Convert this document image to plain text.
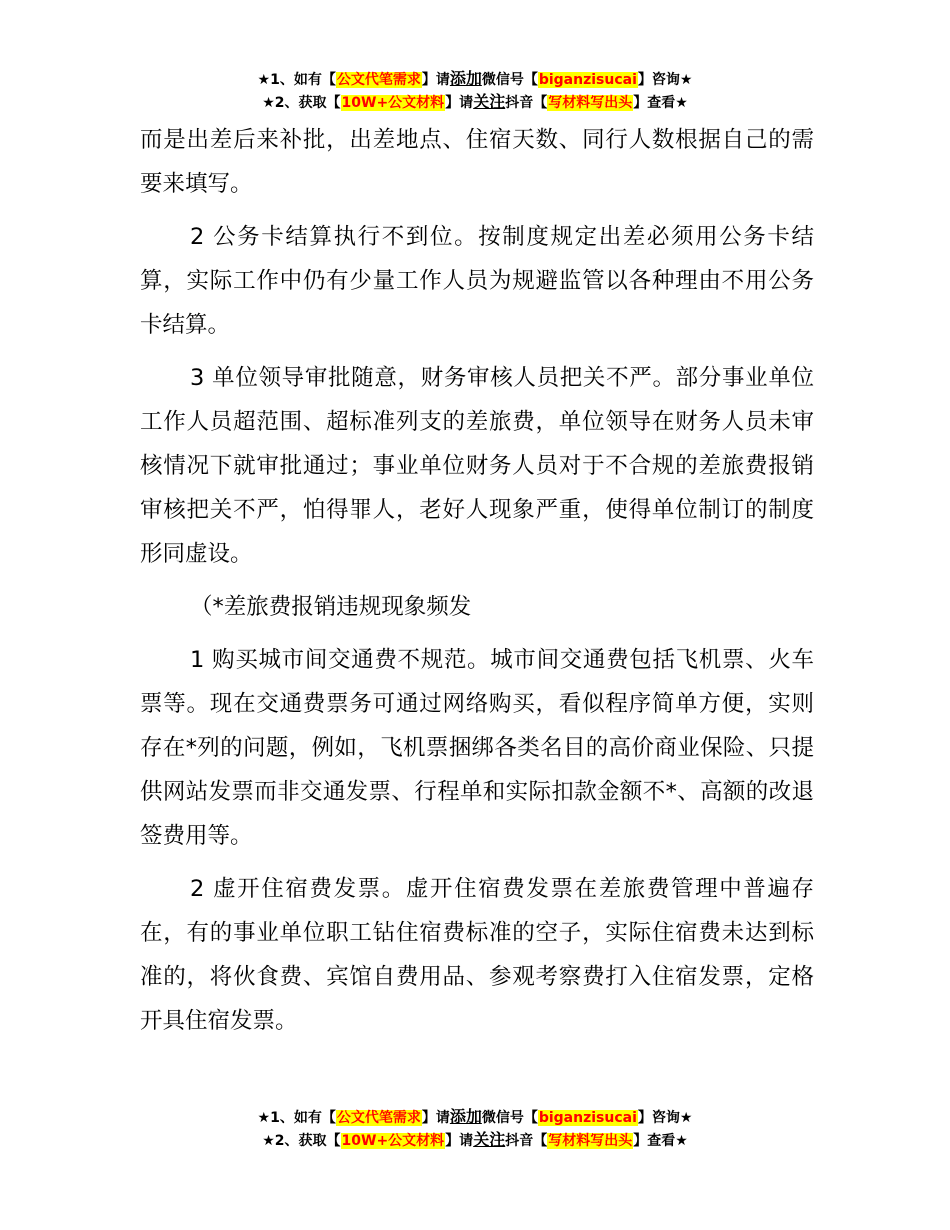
★1、如有【公文代笔需求】请添加微信号【biganzisucai】咨询★
★2、获取【10W+公文材料】请关注抖音【写材料写出头】查看★

而是出差后来补批，出差地点、住宿天数、同行人数根据自己的需要来填写。

2 公务卡结算执行不到位。按制度规定出差必须用公务卡结算，实际工作中仍有少量工作人员为规避监管以各种理由不用公务卡结算。

3 单位领导审批随意，财务审核人员把关不严。部分事业单位工作人员超范围、超标准列支的差旅费，单位领导在财务人员未审核情况下就审批通过；事业单位财务人员对于不合规的差旅费报销审核把关不严，怕得罪人，老好人现象严重，使得单位制订的制度形同虚设。

（*差旅费报销违规现象频发

1 购买城市间交通费不规范。城市间交通费包括飞机票、火车票等。现在交通费票务可通过网络购买，看似程序简单方便，实则存在*列的问题，例如，飞机票捆绑各类名目的高价商业保险、只提供网站发票而非交通发票、行程单和实际扣款金额不*、高额的改退签费用等。

2 虚开住宿费发票。虚开住宿费发票在差旅费管理中普遍存在，有的事业单位职工钻住宿费标准的空子，实际住宿费未达到标准的，将伙食费、宾馆自费用品、参观考察费打入住宿发票，定格开具住宿发票。

★1、如有【公文代笔需求】请添加微信号【biganzisucai】咨询★
★2、获取【10W+公文材料】请关注抖音【写材料写出头】查看★
